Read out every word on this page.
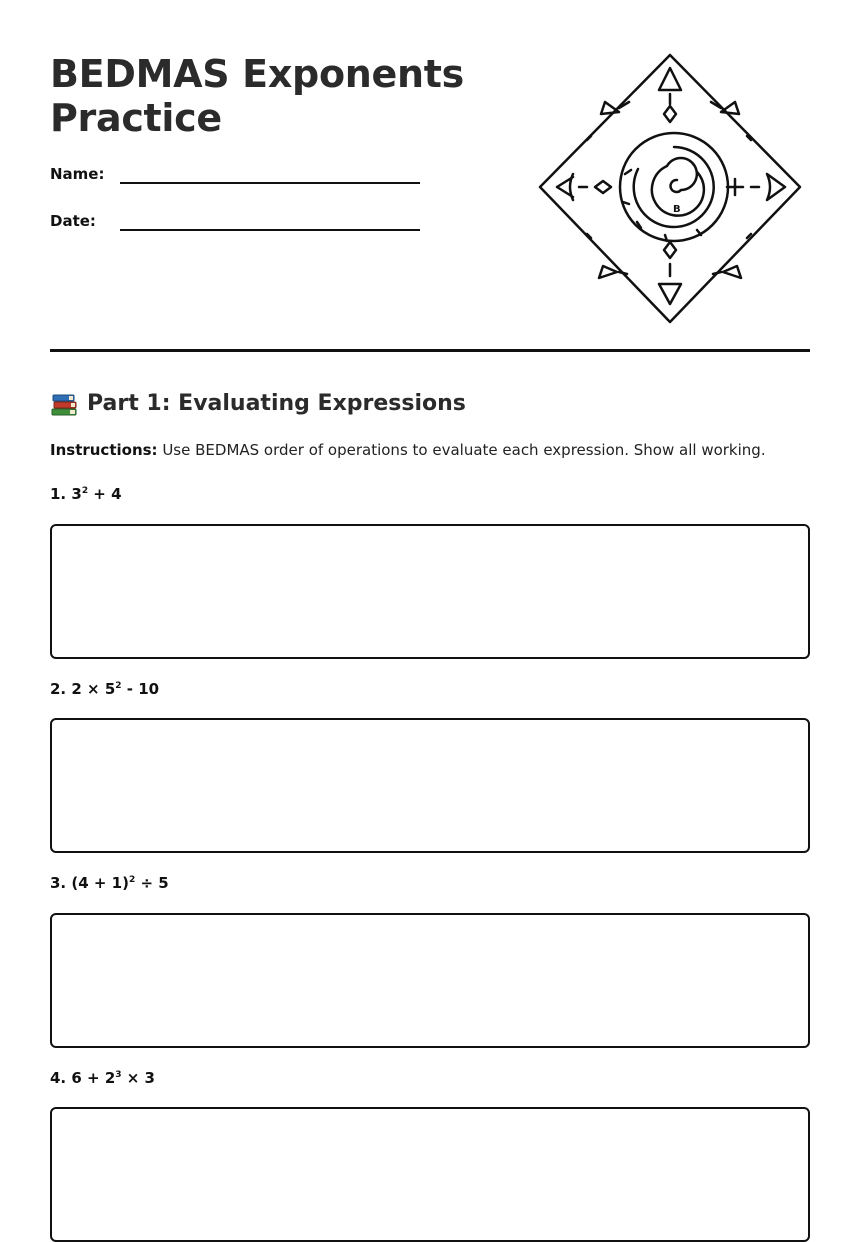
BEDMAS Exponents
Practice
Name:
Date:
B
Part 1: Evaluating Expressions
Instructions: Use BEDMAS order of operations to evaluate each expression. Show all working.
1. $3^2 + 4$
2. $2 \times 5^2 - 10$
3. $(4 + 1)^2 \div 5$
4. $6 + 2^3 \times 3$
